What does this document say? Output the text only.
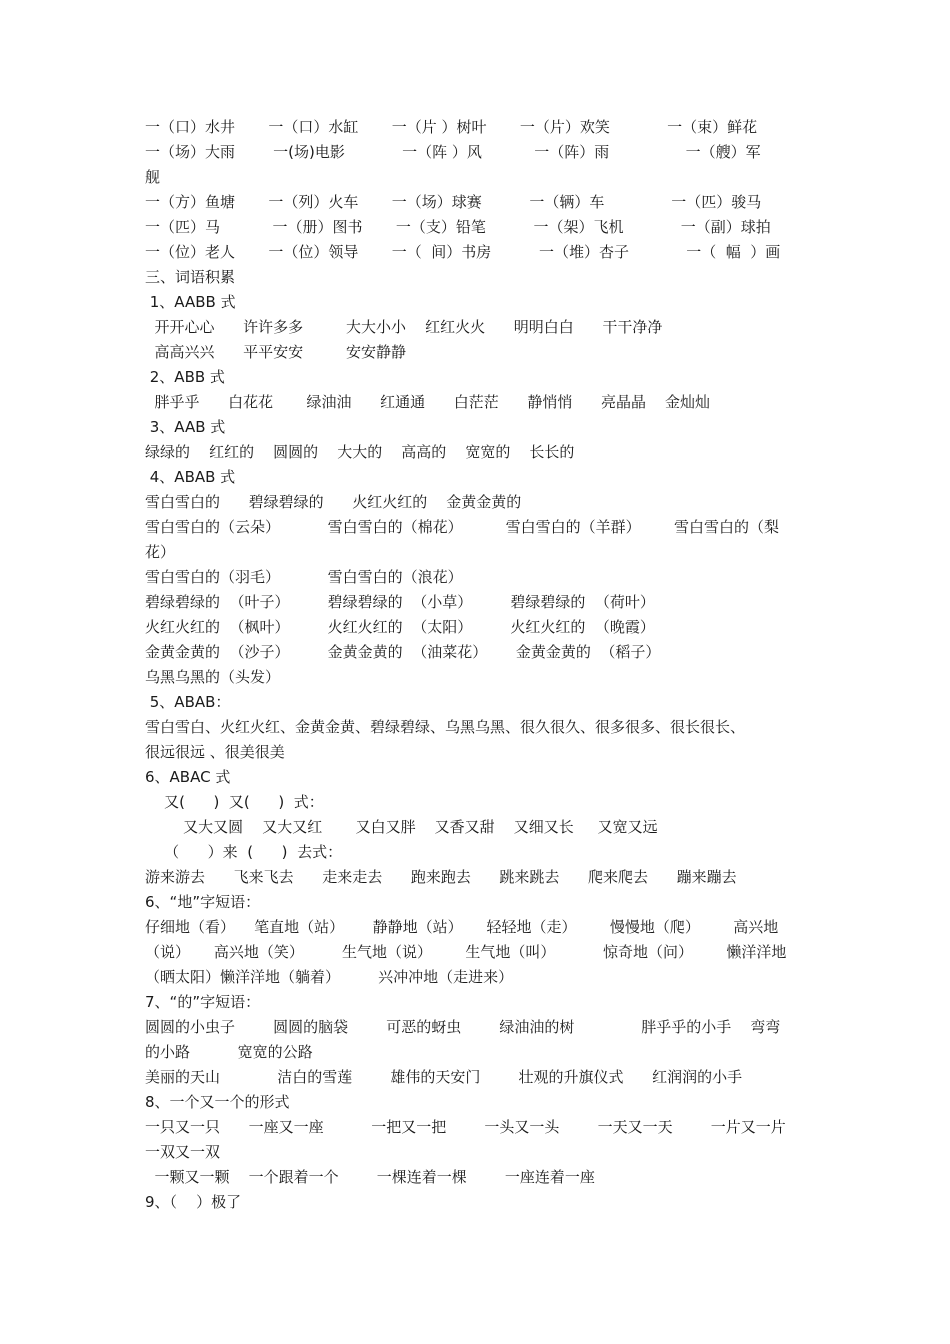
一（口）水井       一（口）水缸       一（片 ）树叶       一（片）欢笑            一（束）鲜花
一（场）大雨        一(场)电影            一（阵 ）风           一（阵）雨                一（艘）军
舰
一（方）鱼塘       一（列）火车       一（场）球赛          一（辆）车              一（匹）骏马
一（匹）马           一（册）图书       一（支）铅笔          一（架）飞机            一（副）球拍
一（位）老人       一（位）领导       一（  间）书房          一（堆）杏子            一（  幅  ）画
三、词语积累
1、AABB 式
开开心心      许许多多         大大小小    红红火火      明明白白      干干净净
高高兴兴      平平安安         安安静静
2、ABB 式
胖乎乎      白花花       绿油油      红通通      白茫茫      静悄悄      亮晶晶    金灿灿
3、AAB 式
绿绿的    红红的    圆圆的    大大的    高高的    宽宽的    长长的
4、ABAB 式
雪白雪白的      碧绿碧绿的      火红火红的    金黄金黄的
雪白雪白的（云朵）          雪白雪白的（棉花）         雪白雪白的（羊群）       雪白雪白的（梨
花）
雪白雪白的（羽毛）          雪白雪白的（浪花）
碧绿碧绿的  （叶子）        碧绿碧绿的  （小草）        碧绿碧绿的  （荷叶）
火红火红的  （枫叶）        火红火红的  （太阳）        火红火红的  （晚霞）
金黄金黄的  （沙子）        金黄金黄的  （油菜花）      金黄金黄的  （稻子）
乌黑乌黑的（头发）
5、ABAB：
雪白雪白、火红火红、金黄金黄、碧绿碧绿、乌黑乌黑、很久很久、很多很多、很长很长、
很远很远 、很美很美
6、ABAC 式
又(      )  又(      )  式：
又大又圆    又大又红       又白又胖    又香又甜    又细又长     又宽又远
（      ）来  (      )  去式：
游来游去      飞来飞去      走来走去      跑来跑去      跳来跳去      爬来爬去      蹦来蹦去
6、“地”字短语：
仔细地（看）    笔直地（站）      静静地（站）     轻轻地（走）       慢慢地（爬）       高兴地
（说）     高兴地（笑）        生气地（说）       生气地（叫）          惊奇地（问）       懒洋洋地
（晒太阳）懒洋洋地（躺着）        兴冲冲地（走进来）
7、“的”字短语：
圆圆的小虫子        圆圆的脑袋        可恶的蚜虫        绿油油的树              胖乎乎的小手    弯弯
的小路          宽宽的公路
美丽的天山            洁白的雪莲        雄伟的天安门        壮观的升旗仪式      红润润的小手
8、一个又一个的形式
一只又一只      一座又一座          一把又一把        一头又一头        一天又一天        一片又一片
一双又一双
一颗又一颗    一个跟着一个        一棵连着一棵        一座连着一座
9、（    ）极了
